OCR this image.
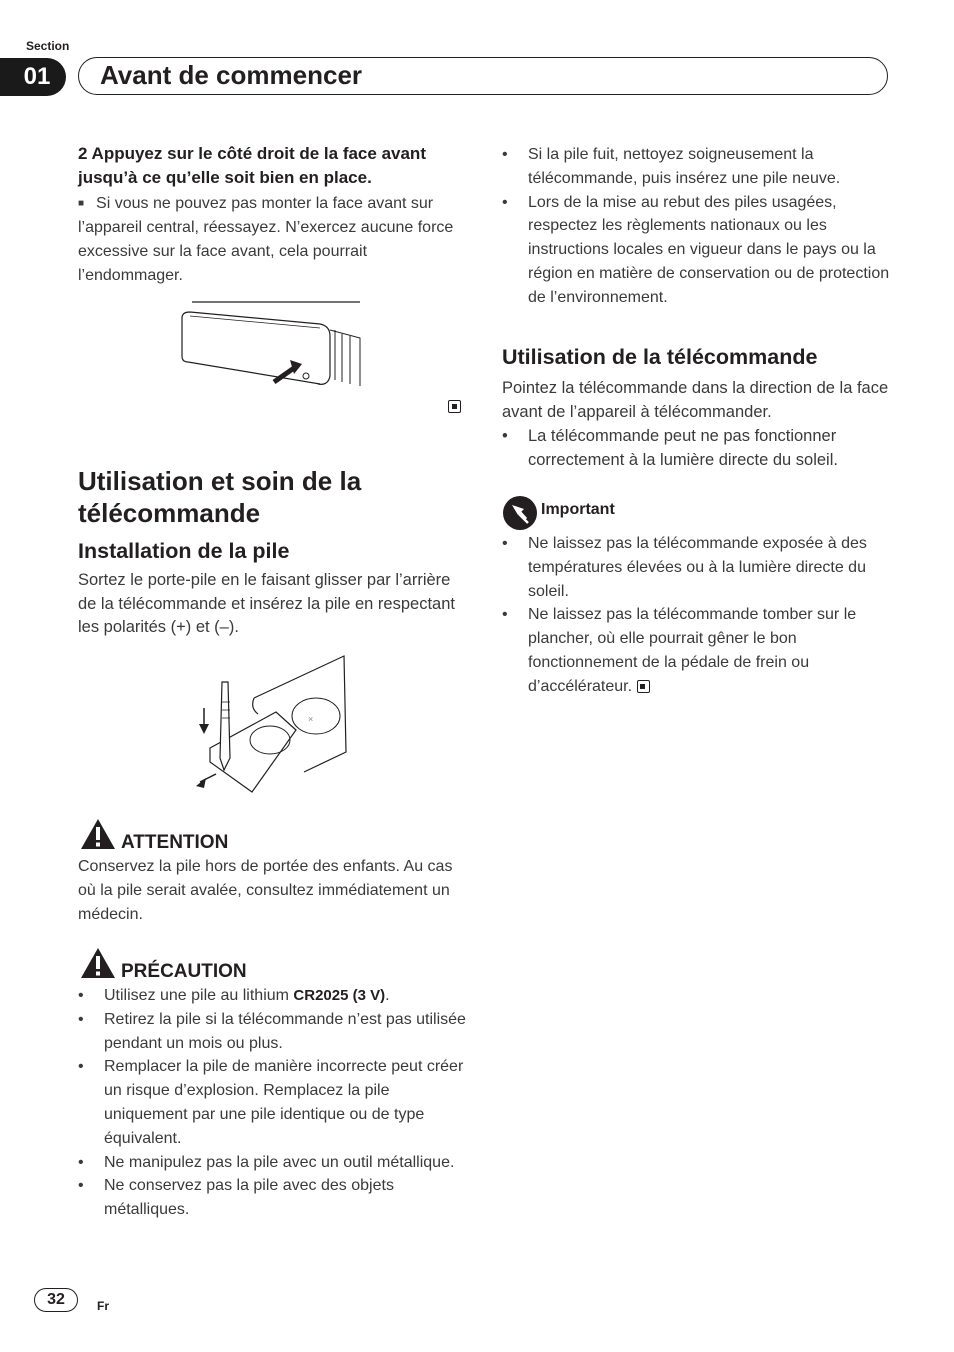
Section
01	Avant de commencer

2 Appuyez sur le côté droit de la face avant jusqu’à ce qu’elle soit bien en place.

■ Si vous ne pouvez pas monter la face avant sur l’appareil central, réessayez. N’exercez aucune force excessive sur la face avant, cela pourrait l’endommager.

Utilisation et soin de la télécommande

Installation de la pile

Sortez le porte-pile en le faisant glisser par l’arrière de la télécommande et insérez la pile en respectant les polarités (+) et (–).

×
ATTENTION

Conservez la pile hors de portée des enfants. Au cas où la pile serait avalée, consultez immédiatement un médecin.

PRÉCAUTION
• Utilisez une pile au lithium CR2025 (3 V).
• Retirez la pile si la télécommande n’est pas utilisée pendant un mois ou plus.
• Remplacer la pile de manière incorrecte peut créer un risque d’explosion. Remplacez la pile uniquement par une pile identique ou de type équivalent.
• Ne manipulez pas la pile avec un outil métallique.
• Ne conservez pas la pile avec des objets métalliques.
• Si la pile fuit, nettoyez soigneusement la télécommande, puis insérez une pile neuve.
• Lors de la mise au rebut des piles usagées, respectez les règlements nationaux ou les instructions locales en vigueur dans le pays ou la région en matière de conservation ou de protection de l’environnement.

Utilisation de la télécommande

Pointez la télécommande dans la direction de la face avant de l’appareil à télécommander.

• La télécommande peut ne pas fonctionner correctement à la lumière directe du soleil.
Important
• Ne laissez pas la télécommande exposée à des températures élevées ou à la lumière directe du soleil.
• Ne laissez pas la télécommande tomber sur le plancher, où elle pourrait gêner le bon fonctionnement de la pédale de frein ou d’accélérateur.
32	Fr
